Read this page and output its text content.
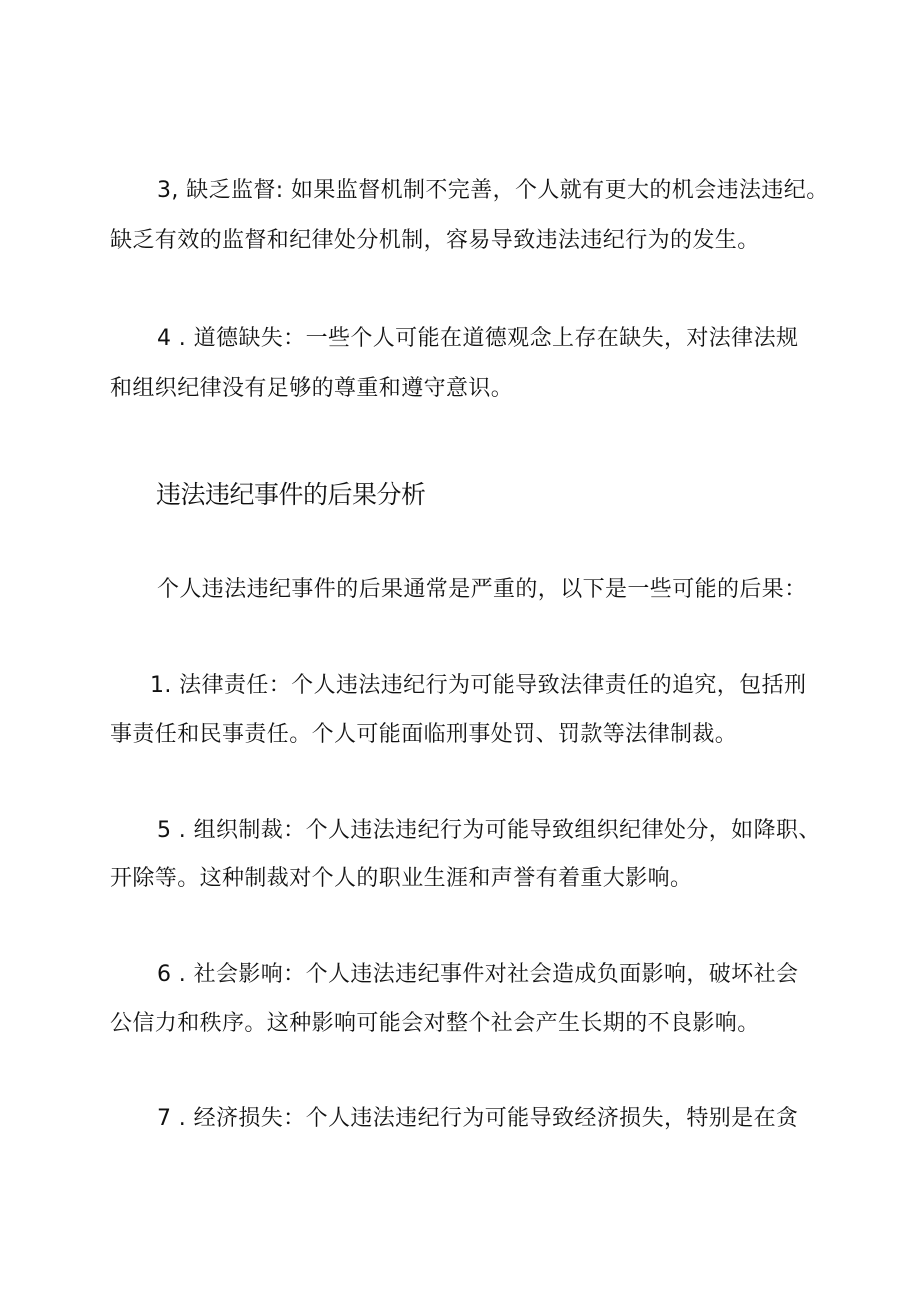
3, 缺乏监督: 如果监督机制不完善，个人就有更大的机会违法违纪。
缺乏有效的监督和纪律处分机制，容易导致违法违纪行为的发生。
4 . 道德缺失：一些个人可能在道德观念上存在缺失，对法律法规
和组织纪律没有足够的尊重和遵守意识。
违法违纪事件的后果分析
个人违法违纪事件的后果通常是严重的，以下是一些可能的后果：
1. 法律责任：个人违法违纪行为可能导致法律责任的追究，包括刑
事责任和民事责任。个人可能面临刑事处罚、罚款等法律制裁。
5 . 组织制裁：个人违法违纪行为可能导致组织纪律处分，如降职、
开除等。这种制裁对个人的职业生涯和声誉有着重大影响。
6 . 社会影响：个人违法违纪事件对社会造成负面影响，破坏社会
公信力和秩序。这种影响可能会对整个社会产生长期的不良影响。
7 . 经济损失：个人违法违纪行为可能导致经济损失，特别是在贪
